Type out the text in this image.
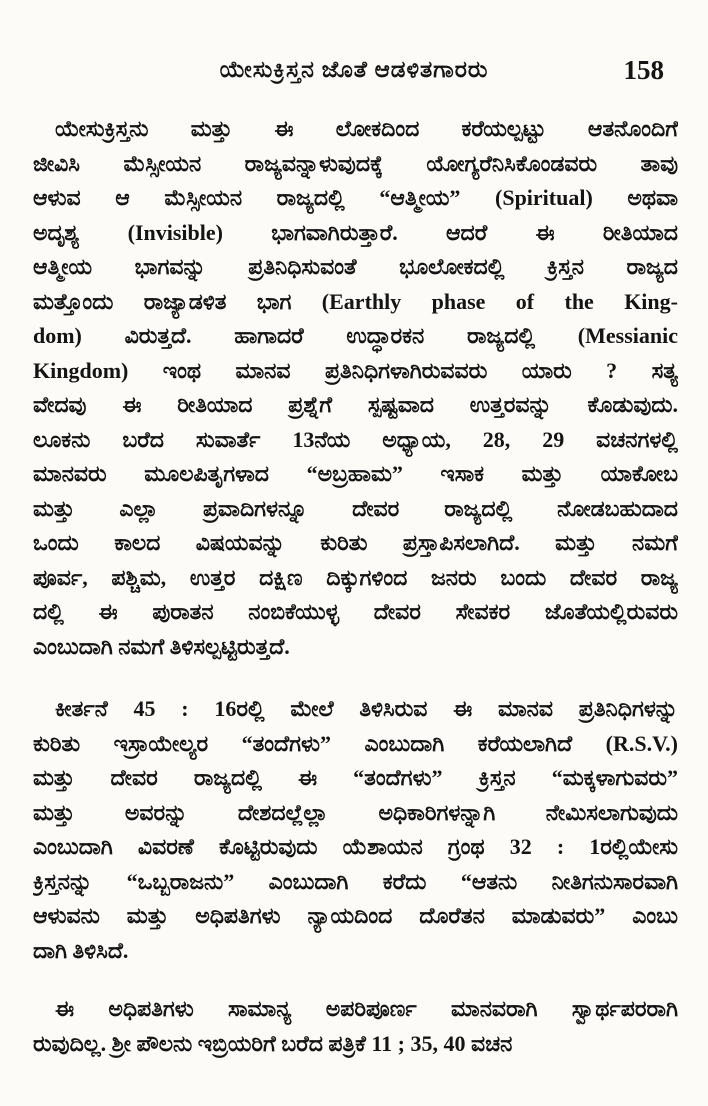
ಯೇಸುಕ್ರಿಸ್ತನ ಜೊತೆ ಆಡಳಿತಗಾರರು	158
ಯೇಸುಕ್ರಿಸ್ತನು ಮತ್ತು ಈ ಲೋಕದಿಂದ ಕರೆಯಲ್ಪಟ್ಟು ಆತನೊಂದಿಗೆ
ಜೀವಿಸಿ ಮೆಸ್ಸೀಯನ ರಾಜ್ಯವನ್ನಾಳುವುದಕ್ಕೆ ಯೋಗ್ಯರೆನಿಸಿಕೊಂಡವರು ತಾವು
ಆಳುವ ಆ ಮೆಸ್ಸೀಯನ ರಾಜ್ಯದಲ್ಲಿ “ಆತ್ಮೀಯ” (Spiritual) ಅಥವಾ
ಅದೃಶ್ಯ (Invisible) ಭಾಗವಾಗಿರುತ್ತಾರೆ. ಆದರೆ ಈ ರೀತಿಯಾದ
ಆತ್ಮೀಯ ಭಾಗವನ್ನು ಪ್ರತಿನಿಧಿಸುವಂತೆ ಭೂಲೋಕದಲ್ಲಿ ಕ್ರಿಸ್ತನ ರಾಜ್ಯದ
ಮತ್ತೊಂದು ರಾಜ್ಯಾಡಳಿತ ಭಾಗ (Earthly phase of the King-
dom) ವಿರುತ್ತದೆ. ಹಾಗಾದರೆ ಉದ್ಧಾರಕನ ರಾಜ್ಯದಲ್ಲಿ (Messianic
Kingdom) ಇಂಥ ಮಾನವ ಪ್ರತಿನಿಧಿಗಳಾಗಿರುವವರು ಯಾರು ? ಸತ್ಯ
ವೇದವು ಈ ರೀತಿಯಾದ ಪ್ರಶ್ನೆಗೆ ಸ್ಪಷ್ಟವಾದ ಉತ್ತರವನ್ನು ಕೊಡುವುದು.
ಲೂಕನು ಬರೆದ ಸುವಾರ್ತೆ 13ನೆಯ ಅಧ್ಯಾಯ, 28, 29 ವಚನಗಳಲ್ಲಿ
ಮಾನವರು ಮೂಲಪಿತೃಗಳಾದ “ಅಬ್ರಹಾಮ” ಇಸಾಕ ಮತ್ತು ಯಾಕೋಬ
ಮತ್ತು ಎಲ್ಲಾ ಪ್ರವಾದಿಗಳನ್ನೂ ದೇವರ ರಾಜ್ಯದಲ್ಲಿ ನೋಡಬಹುದಾದ
ಒಂದು ಕಾಲದ ವಿಷಯವನ್ನು ಕುರಿತು ಪ್ರಸ್ತಾಪಿಸಲಾಗಿದೆ. ಮತ್ತು ನಮಗೆ
ಪೂರ್ವ, ಪಶ್ಚಿಮ, ಉತ್ತರ ದಕ್ಷಿಣ ದಿಕ್ಕುಗಳಿಂದ ಜನರು ಬಂದು ದೇವರ ರಾಜ್ಯ
ದಲ್ಲಿ ಈ ಪುರಾತನ ನಂಬಿಕೆಯುಳ್ಳ ದೇವರ ಸೇವಕರ ಜೊತೆಯಲ್ಲಿರುವರು
ಎಂಬುದಾಗಿ ನಮಗೆ ತಿಳಿಸಲ್ಪಟ್ಟಿರುತ್ತದೆ.
ಕೀರ್ತನೆ 45 : 16ರಲ್ಲಿ ಮೇಲೆ ತಿಳಿಸಿರುವ ಈ ಮಾನವ ಪ್ರತಿನಿಧಿಗಳನ್ನು
ಕುರಿತು ಇಸ್ರಾಯೇಲ್ಯರ “ತಂದೆಗಳು” ಎಂಬುದಾಗಿ ಕರೆಯಲಾಗಿದೆ (R.S.V.)
ಮತ್ತು ದೇವರ ರಾಜ್ಯದಲ್ಲಿ ಈ “ತಂದೆಗಳು” ಕ್ರಿಸ್ತನ “ಮಕ್ಕಳಾಗುವರು”
ಮತ್ತು ಅವರನ್ನು ದೇಶದಲ್ಲೆಲ್ಲಾ ಅಧಿಕಾರಿಗಳನ್ನಾಗಿ ನೇಮಿಸಲಾಗುವುದು
ಎಂಬುದಾಗಿ ವಿವರಣೆ ಕೊಟ್ಟಿರುವುದು ಯೆಶಾಯನ ಗ್ರಂಥ 32 : 1ರಲ್ಲಿಯೇಸು
ಕ್ರಿಸ್ತನನ್ನು “ಒಬ್ಬರಾಜನು” ಎಂಬುದಾಗಿ ಕರೆದು “ಆತನು ನೀತಿಗನುಸಾರವಾಗಿ
ಆಳುವನು ಮತ್ತು ಅಧಿಪತಿಗಳು ನ್ಯಾಯದಿಂದ ದೊರೆತನ ಮಾಡುವರು” ಎಂಬು
ದಾಗಿ ತಿಳಿಸಿದೆ.
ಈ ಅಧಿಪತಿಗಳು ಸಾಮಾನ್ಯ ಅಪರಿಪೂರ್ಣ ಮಾನವರಾಗಿ ಸ್ವಾರ್ಥಪರರಾಗಿ
ರುವುದಿಲ್ಲ. ಶ್ರೀ ಪೌಲನು ಇಬ್ರಿಯರಿಗೆ ಬರೆದ ಪತ್ರಿಕೆ 11 ; 35, 40 ವಚನ
